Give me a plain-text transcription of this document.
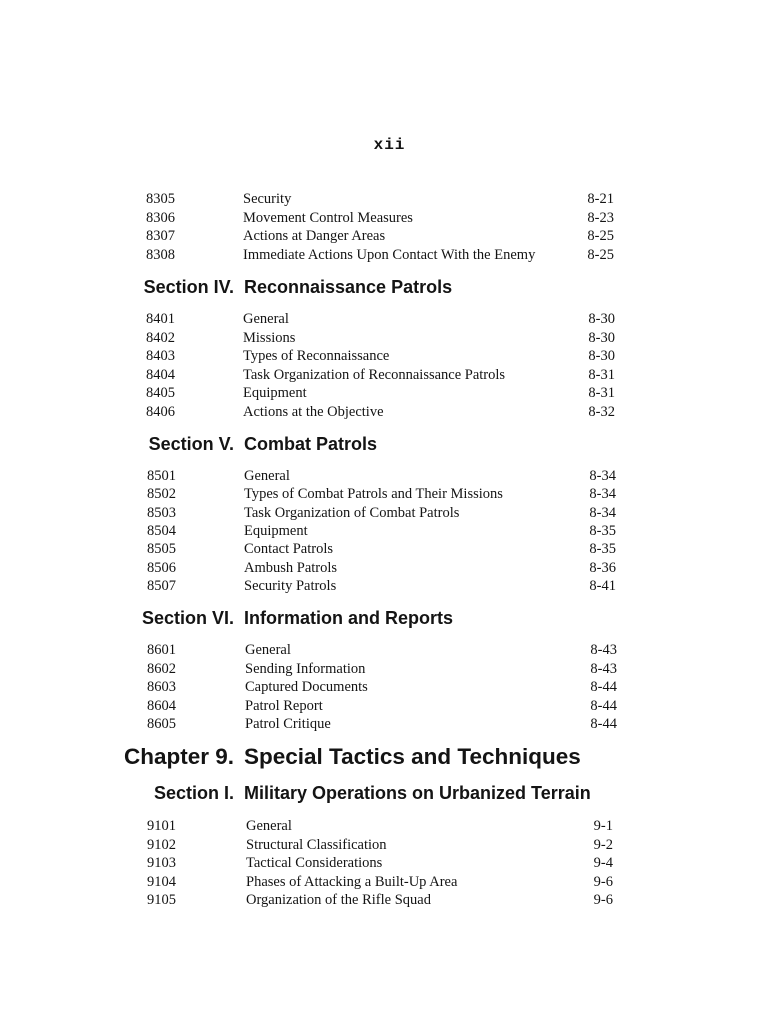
xii
8305	Security	8-21
8306	Movement Control Measures	8-23
8307	Actions at Danger Areas	8-25
8308	Immediate Actions Upon Contact With the Enemy	8-25
Section IV. Reconnaissance Patrols
8401	General	8-30
8402	Missions	8-30
8403	Types of Reconnaissance	8-30
8404	Task Organization of Reconnaissance Patrols	8-31
8405	Equipment	8-31
8406	Actions at the Objective	8-32
Section V. Combat Patrols
8501	General	8-34
8502	Types of Combat Patrols and Their Missions	8-34
8503	Task Organization of Combat Patrols	8-34
8504	Equipment	8-35
8505	Contact Patrols	8-35
8506	Ambush Patrols	8-36
8507	Security Patrols	8-41
Section VI. Information and Reports
8601	General	8-43
8602	Sending Information	8-43
8603	Captured Documents	8-44
8604	Patrol Report	8-44
8605	Patrol Critique	8-44
Chapter 9. Special Tactics and Techniques
Section I. Military Operations on Urbanized Terrain
9101	General	9-1
9102	Structural Classification	9-2
9103	Tactical Considerations	9-4
9104	Phases of Attacking a Built-Up Area	9-6
9105	Organization of the Rifle Squad	9-6
